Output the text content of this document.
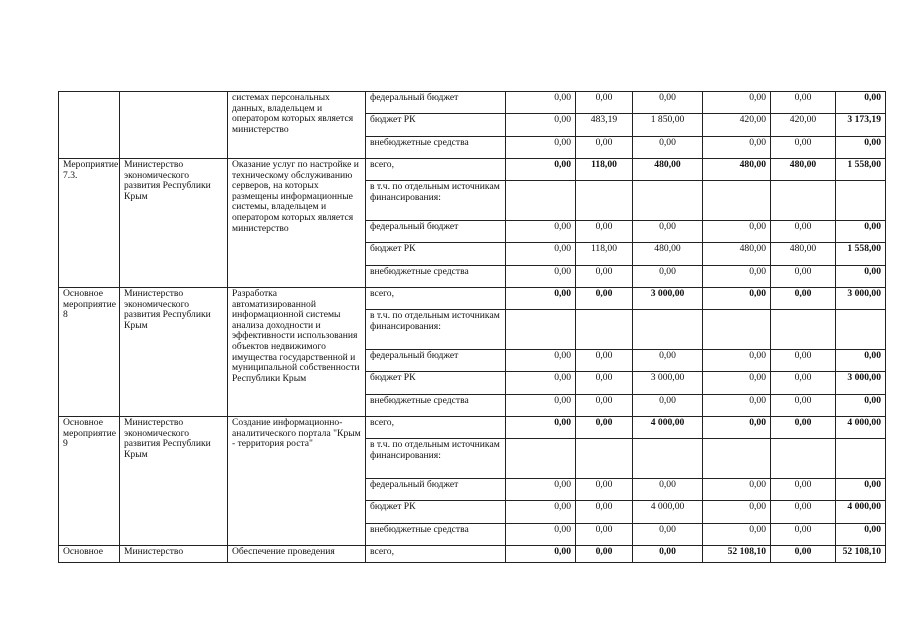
		системах персональных данных, владельцем и оператором которых является министерство	федеральный бюджет	0,00	0,00	0,00	0,00	0,00	0,00
			бюджет РК	0,00	483,19	1 850,00	420,00	420,00	3 173,19
			внебюджетные средства	0,00	0,00	0,00	0,00	0,00	0,00
Мероприятие 7.3.	Министерство экономического развития Республики Крым	Оказание услуг по настройке и техническому обслуживанию серверов, на которых размещены информационные системы, владельцем и оператором которых является министерство	всего,	0,00	118,00	480,00	480,00	480,00	1 558,00
			в т.ч. по отдельным источникам финансирования:						
			федеральный бюджет	0,00	0,00	0,00	0,00	0,00	0,00
			бюджет РК	0,00	118,00	480,00	480,00	480,00	1 558,00
			внебюджетные средства	0,00	0,00	0,00	0,00	0,00	0,00
Основное мероприятие 8	Министерство экономического развития Республики Крым	Разработка автоматизированной информационной системы анализа доходности и эффективности использования объектов недвижимого имущества государственной и муниципальной собственности Республики Крым	всего,	0,00	0,00	3 000,00	0,00	0,00	3 000,00
			в т.ч. по отдельным источникам финансирования:						
			федеральный бюджет	0,00	0,00	0,00	0,00	0,00	0,00
			бюджет РК	0,00	0,00	3 000,00	0,00	0,00	3 000,00
			внебюджетные средства	0,00	0,00	0,00	0,00	0,00	0,00
Основное мероприятие 9	Министерство экономического развития Республики Крым	Создание информационно-аналитического портала "Крым - территория роста"	всего,	0,00	0,00	4 000,00	0,00	0,00	4 000,00
			в т.ч. по отдельным источникам финансирования:						
			федеральный бюджет	0,00	0,00	0,00	0,00	0,00	0,00
			бюджет РК	0,00	0,00	4 000,00	0,00	0,00	4 000,00
			внебюджетные средства	0,00	0,00	0,00	0,00	0,00	0,00
Основное	Министерство	Обеспечение проведения	всего,	0,00	0,00	0,00	52 108,10	0,00	52 108,10
